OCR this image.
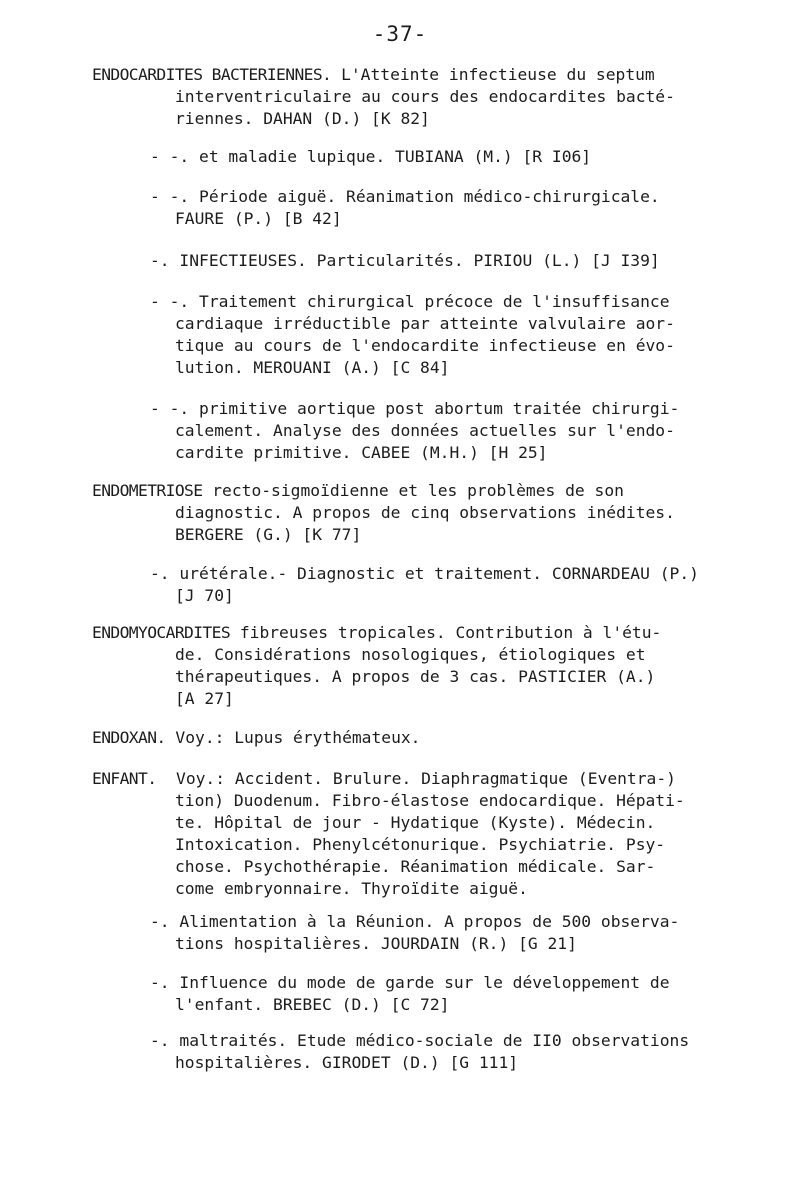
-37-
ENDOCARDITES BACTERIENNES. L'Atteinte infectieuse du septum
interventriculaire au cours des endocardites bacté-
riennes. DAHAN (D.) [K 82]
- -. et maladie lupique. TUBIANA (M.) [R I06]
- -. Période aiguë. Réanimation médico-chirurgicale.
FAURE (P.) [B 42]
-. INFECTIEUSES. Particularités. PIRIOU (L.) [J I39]
- -. Traitement chirurgical précoce de l'insuffisance
cardiaque irréductible par atteinte valvulaire aor-
tique au cours de l'endocardite infectieuse en évo-
lution. MEROUANI (A.) [C 84]
- -. primitive aortique post abortum traitée chirurgi-
calement. Analyse des données actuelles sur l'endo-
cardite primitive. CABEE (M.H.) [H 25]
ENDOMETRIOSE recto-sigmoïdienne et les problèmes de son
diagnostic. A propos de cinq observations inédites.
BERGERE (G.) [K 77]
-. urétérale.- Diagnostic et traitement. CORNARDEAU (P.)
[J 70]
ENDOMYOCARDITES fibreuses tropicales. Contribution à l'étu-
de. Considérations nosologiques, étiologiques et
thérapeutiques. A propos de 3 cas. PASTICIER (A.)
[A 27]
ENDOXAN. Voy.: Lupus érythémateux.
ENFANT.  Voy.: Accident. Brulure. Diaphragmatique (Eventra-)
tion) Duodenum. Fibro-élastose endocardique. Hépati-
te. Hôpital de jour - Hydatique (Kyste). Médecin.
Intoxication. Phenylcétonurique. Psychiatrie. Psy-
chose. Psychothérapie. Réanimation médicale. Sar-
come embryonnaire. Thyroïdite aiguë.
-. Alimentation à la Réunion. A propos de 500 observa-
tions hospitalières. JOURDAIN (R.) [G 21]
-. Influence du mode de garde sur le développement de
l'enfant. BREBEC (D.) [C 72]
-. maltraités. Etude médico-sociale de II0 observations
hospitalières. GIRODET (D.) [G 111]
